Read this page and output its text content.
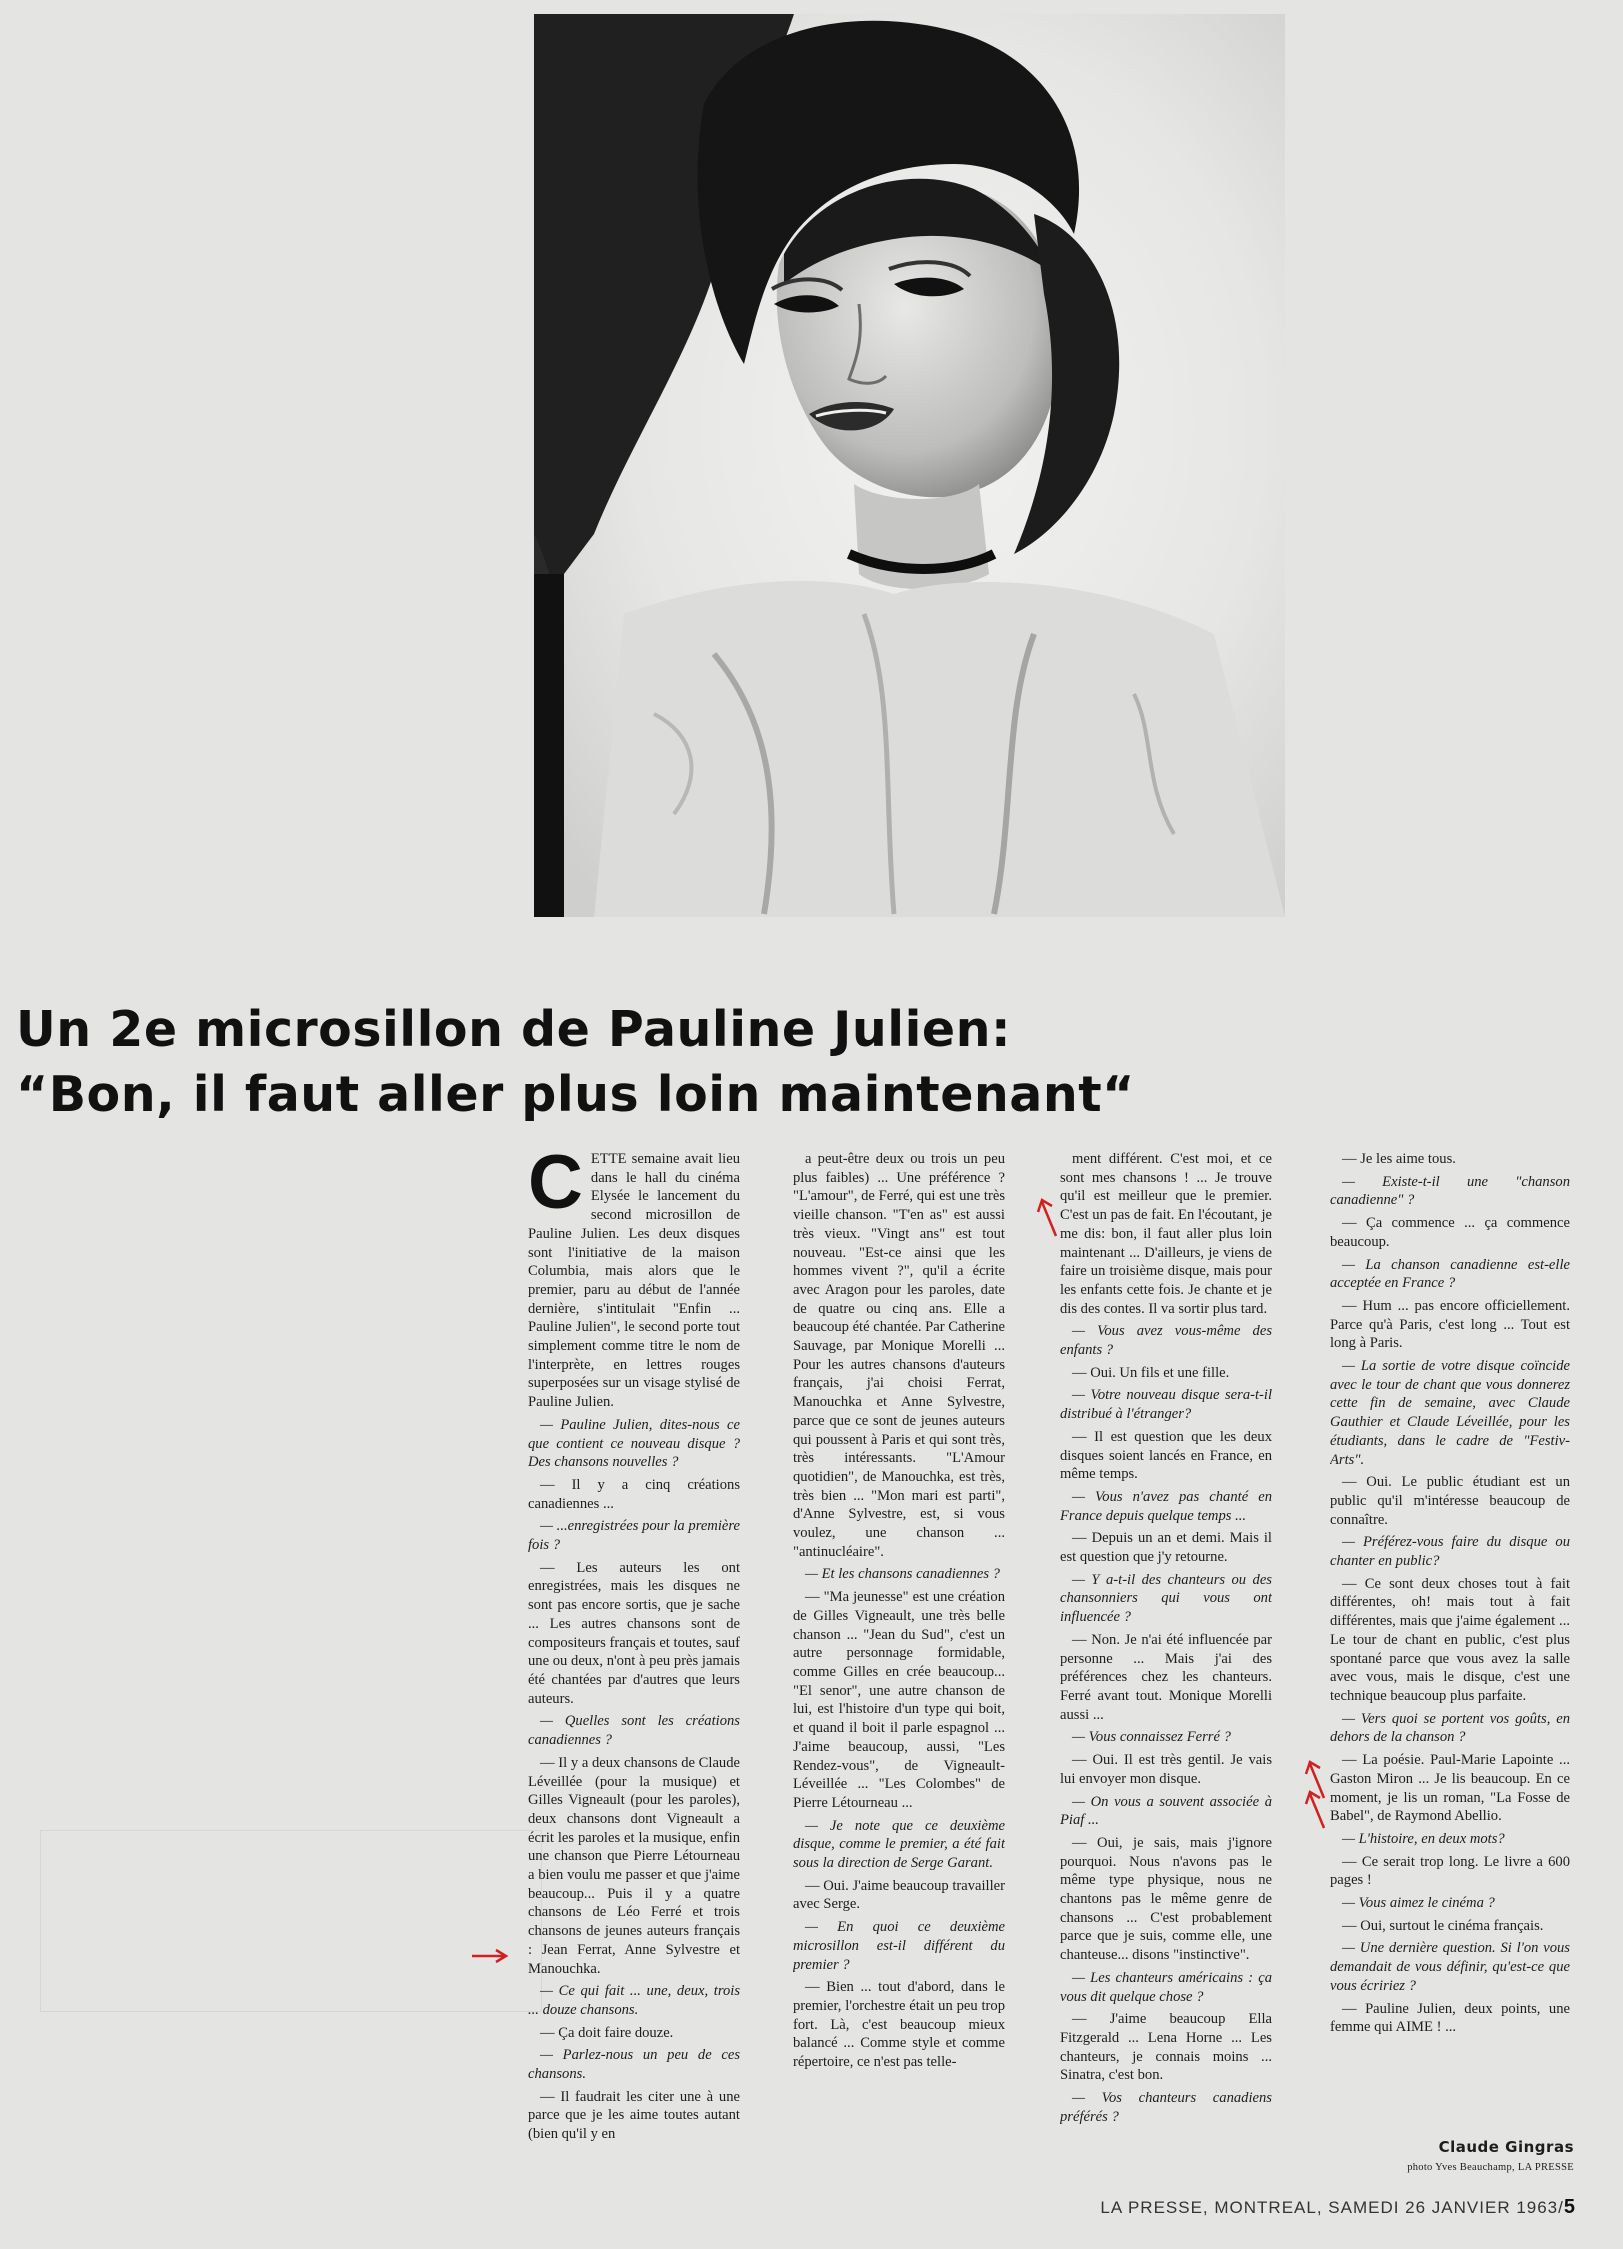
Un 2e microsillon de Pauline Julien:
“Bon, il faut aller plus loin maintenant“
C ETTE semaine avait lieu dans le hall du cinéma Elysée le lancement du second microsillon de Pauline Julien. Les deux disques sont l'initiative de la maison Columbia, mais alors que le premier, paru au début de l'année dernière, s'intitulait "Enfin ... Pauline Julien", le second porte tout simplement comme titre le nom de l'interprète, en lettres rouges superposées sur un visage stylisé de Pauline Julien.

— Pauline Julien, dites-nous ce que contient ce nouveau disque ? Des chansons nouvelles ?

— Il y a cinq créations canadiennes ...

— ...enregistrées pour la première fois ?

— Les auteurs les ont enregistrées, mais les disques ne sont pas encore sortis, que je sache ... Les autres chansons sont de compositeurs français et toutes, sauf une ou deux, n'ont à peu près jamais été chantées par d'autres que leurs auteurs.

— Quelles sont les créations canadiennes ?

— Il y a deux chansons de Claude Léveillée (pour la musique) et Gilles Vigneault (pour les paroles), deux chansons dont Vigneault a écrit les paroles et la musique, enfin une chanson que Pierre Létourneau a bien voulu me passer et que j'aime beaucoup... Puis il y a quatre chansons de Léo Ferré et trois chansons de jeunes auteurs français : Jean Ferrat, Anne Sylvestre et Manouchka.

— Ce qui fait ... une, deux, trois ... douze chansons.

— Ça doit faire douze.

— Parlez-nous un peu de ces chansons.

— Il faudrait les citer une à une parce que je les aime toutes autant (bien qu'il y en

a peut-être deux ou trois un peu plus faibles) ... Une préférence ? "L'amour", de Ferré, qui est une très vieille chanson. "T'en as" est aussi très vieux. "Vingt ans" est tout nouveau. "Est-ce ainsi que les hommes vivent ?", qu'il a écrite avec Aragon pour les paroles, date de quatre ou cinq ans. Elle a beaucoup été chantée. Par Catherine Sauvage, par Monique Morelli ... Pour les autres chansons d'auteurs français, j'ai choisi Ferrat, Manouchka et Anne Sylvestre, parce que ce sont de jeunes auteurs qui poussent à Paris et qui sont très, très intéressants. "L'Amour quotidien", de Manouchka, est très, très bien ... "Mon mari est parti", d'Anne Sylvestre, est, si vous voulez, une chanson ... "antinucléaire".

— Et les chansons canadiennes ?

— "Ma jeunesse" est une création de Gilles Vigneault, une très belle chanson ... "Jean du Sud", c'est un autre personnage formidable, comme Gilles en crée beaucoup... "El senor", une autre chanson de lui, est l'histoire d'un type qui boit, et quand il boit il parle espagnol ... J'aime beaucoup, aussi, "Les Rendez-vous", de Vigneault-Léveillée ... "Les Colombes" de Pierre Létourneau ...

— Je note que ce deuxième disque, comme le premier, a été fait sous la direction de Serge Garant.

— Oui. J'aime beaucoup travailler avec Serge.

— En quoi ce deuxième microsillon est-il différent du premier ?

— Bien ... tout d'abord, dans le premier, l'orchestre était un peu trop fort. Là, c'est beaucoup mieux balancé ... Comme style et comme répertoire, ce n'est pas telle-

ment différent. C'est moi, et ce sont mes chansons ! ... Je trouve qu'il est meilleur que le premier. C'est un pas de fait. En l'écoutant, je me dis: bon, il faut aller plus loin maintenant ... D'ailleurs, je viens de faire un troisième disque, mais pour les enfants cette fois. Je chante et je dis des contes. Il va sortir plus tard.

— Vous avez vous-même des enfants ?

— Oui. Un fils et une fille.

— Votre nouveau disque sera-t-il distribué à l'étranger?

— Il est question que les deux disques soient lancés en France, en même temps.

— Vous n'avez pas chanté en France depuis quelque temps ...

— Depuis un an et demi. Mais il est question que j'y retourne.

— Y a-t-il des chanteurs ou des chansonniers qui vous ont influencée ?

— Non. Je n'ai été influencée par personne ... Mais j'ai des préférences chez les chanteurs. Ferré avant tout. Monique Morelli aussi ...

— Vous connaissez Ferré ?

— Oui. Il est très gentil. Je vais lui envoyer mon disque.

— On vous a souvent associée à Piaf ...

— Oui, je sais, mais j'ignore pourquoi. Nous n'avons pas le même type physique, nous ne chantons pas le même genre de chansons ... C'est probablement parce que je suis, comme elle, une chanteuse... disons "instinctive".

— Les chanteurs américains : ça vous dit quelque chose ?

— J'aime beaucoup Ella Fitzgerald ... Lena Horne ... Les chanteurs, je connais moins ... Sinatra, c'est bon.

— Vos chanteurs canadiens préférés ?

— Je les aime tous.

— Existe-t-il une "chanson canadienne" ?

— Ça commence ... ça commence beaucoup.

— La chanson canadienne est-elle acceptée en France ?

— Hum ... pas encore officiellement. Parce qu'à Paris, c'est long ... Tout est long à Paris.

— La sortie de votre disque coïncide avec le tour de chant que vous donnerez cette fin de semaine, avec Claude Gauthier et Claude Léveillée, pour les étudiants, dans le cadre de "Festiv-Arts".

— Oui. Le public étudiant est un public qu'il m'intéresse beaucoup de connaître.

— Préférez-vous faire du disque ou chanter en public?

— Ce sont deux choses tout à fait différentes, oh! mais tout à fait différentes, mais que j'aime également ... Le tour de chant en public, c'est plus spontané parce que vous avez la salle avec vous, mais le disque, c'est une technique beaucoup plus parfaite.

— Vers quoi se portent vos goûts, en dehors de la chanson ?

— La poésie. Paul-Marie Lapointe ... Gaston Miron ... Je lis beaucoup. En ce moment, je lis un roman, "La Fosse de Babel", de Raymond Abellio.

— L'histoire, en deux mots?

— Ce serait trop long. Le livre a 600 pages !

— Vous aimez le cinéma ?

— Oui, surtout le cinéma français.

— Une dernière question. Si l'on vous demandait de vous définir, qu'est-ce que vous écririez ?

— Pauline Julien, deux points, une femme qui AIME ! ...

Claude Gingras
photo Yves Beauchamp, LA PRESSE
LA PRESSE, MONTREAL, SAMEDI 26 JANVIER 1963/5
